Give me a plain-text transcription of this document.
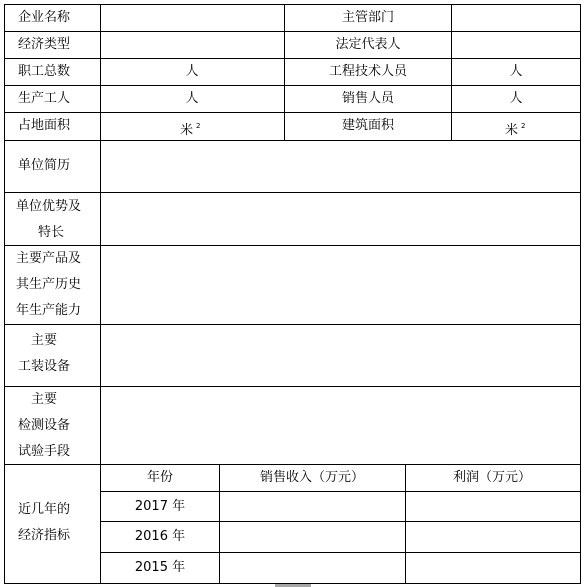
企业名称	主管部门
经济类型	法定代表人
职工总数	人	工程技术人员	人
生产工人	人	销售人员	人
占地面积	米 $^2$	建筑面积	米 $^2$
单位简历
单位优势及
特长
主要产品及
其生产历史
年生产能力
主要
工装设备
主要
检测设备
试验手段
近几年的
经济指标
年份	销售收入（万元）	利润（万元）
2017 年
2016 年
2015 年
